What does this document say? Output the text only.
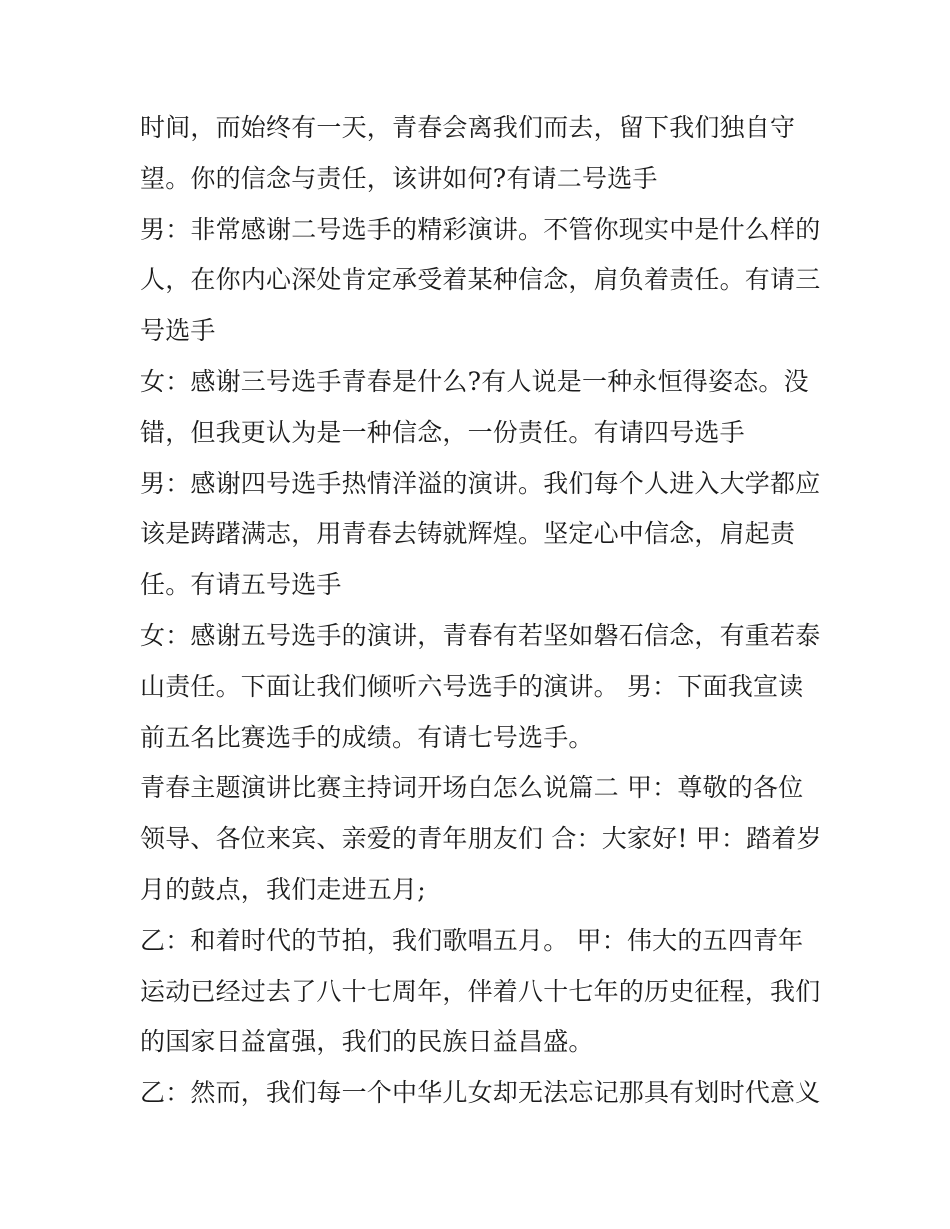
时间，而始终有一天，青春会离我们而去，留下我们独自守
望。你的信念与责任，该讲如何?有请二号选手
男：非常感谢二号选手的精彩演讲。不管你现实中是什么样的
人，在你内心深处肯定承受着某种信念，肩负着责任。有请三
号选手
女：感谢三号选手青春是什么?有人说是一种永恒得姿态。没
错，但我更认为是一种信念，一份责任。有请四号选手
男：感谢四号选手热情洋溢的演讲。我们每个人进入大学都应
该是踌躇满志，用青春去铸就辉煌。坚定心中信念，肩起责
任。有请五号选手
女：感谢五号选手的演讲，青春有若坚如磐石信念，有重若泰
山责任。下面让我们倾听六号选手的演讲。 男：下面我宣读
前五名比赛选手的成绩。有请七号选手。
青春主题演讲比赛主持词开场白怎么说篇二 甲：尊敬的各位
领导、各位来宾、亲爱的青年朋友们 合：大家好! 甲：踏着岁
月的鼓点，我们走进五月;
乙：和着时代的节拍，我们歌唱五月。 甲：伟大的五四青年
运动已经过去了八十七周年，伴着八十七年的历史征程，我们
的国家日益富强，我们的民族日益昌盛。
乙：然而，我们每一个中华儿女却无法忘记那具有划时代意义
